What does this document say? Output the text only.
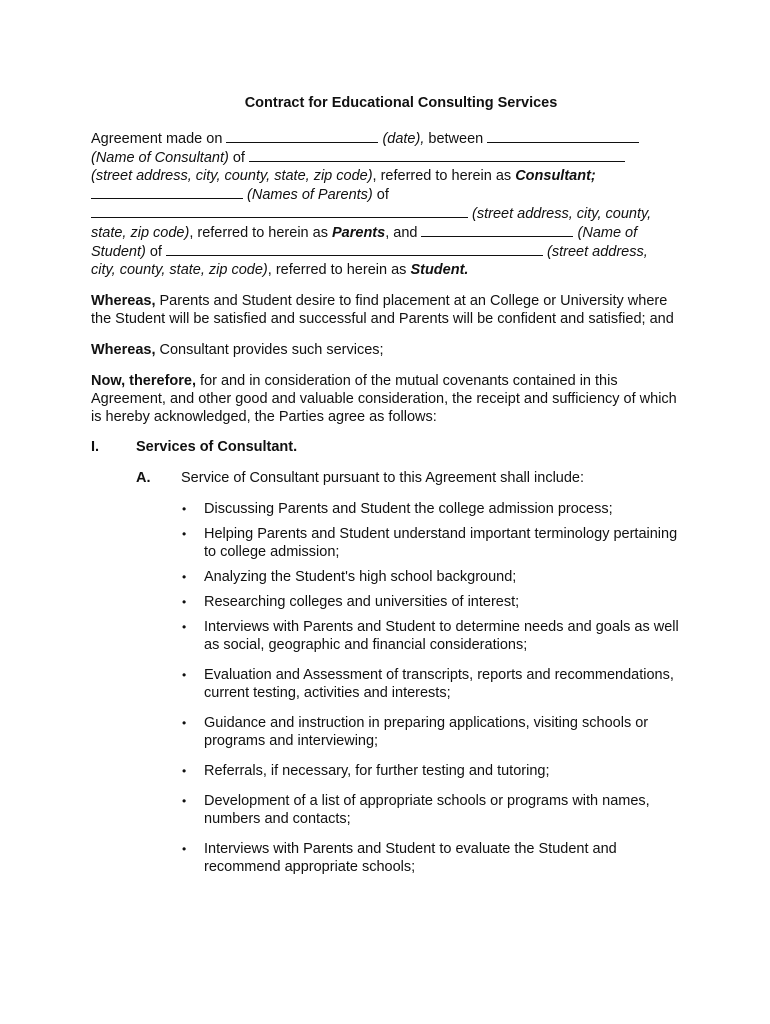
Contract for Educational Consulting Services

Agreement made on	(date), between
(Name of Consultant) of
(street address, city, county, state, zip code), referred to herein as Consultant;
(Names of Parents) of
(street address, city, county,
state, zip code), referred to herein as Parents, and	(Name of
Student) of	(street address,
city, county, state, zip code), referred to herein as Student.

Whereas, Parents and Student desire to find placement at an College or University where the Student will be satisfied and successful and Parents will be confident and satisfied; and

Whereas, Consultant provides such services;

Now, therefore, for and in consideration of the mutual covenants contained in this Agreement, and other good and valuable consideration, the receipt and sufficiency of which is hereby acknowledged, the Parties agree as follows:

I.	Services of Consultant.
A.	Service of Consultant pursuant to this Agreement shall include:
• Discussing Parents and Student the college admission process;
• Helping Parents and Student understand important terminology pertaining to college admission;
• Analyzing the Student's high school background;
• Researching colleges and universities of interest;
• Interviews with Parents and Student to determine needs and goals as well as social, geographic and financial considerations;
• Evaluation and Assessment of transcripts, reports and recommendations, current testing, activities and interests;
• Guidance and instruction in preparing applications, visiting schools or programs and interviewing;
• Referrals, if necessary, for further testing and tutoring;
• Development of a list of appropriate schools or programs with names, numbers and contacts;
• Interviews with Parents and Student to evaluate the Student and recommend appropriate schools;
